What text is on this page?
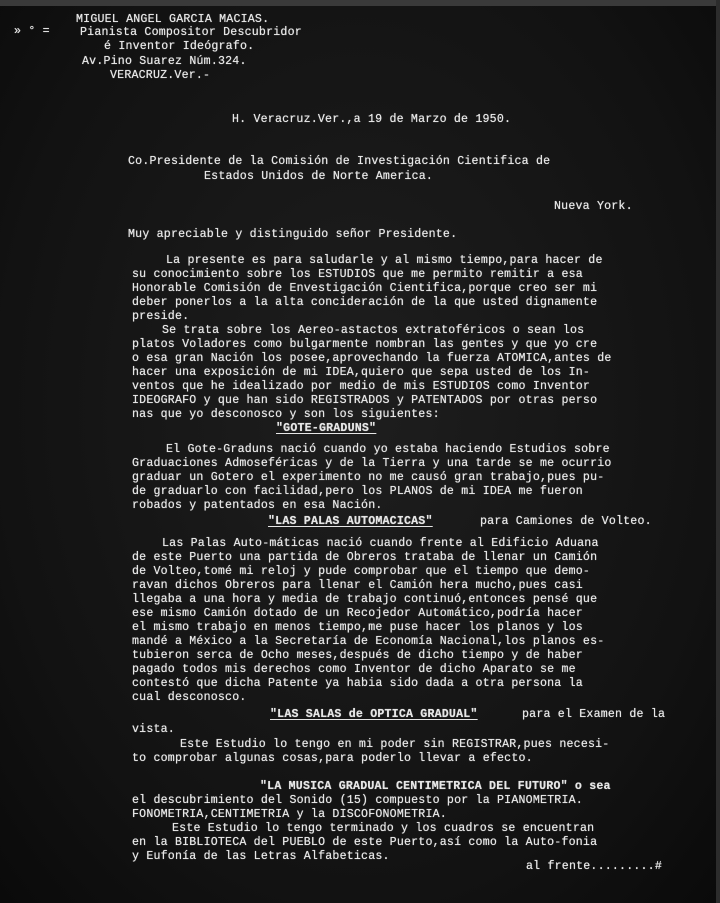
» ° =

MIGUEL ANGEL GARCIA MACIAS.

Pianista Compositor Descubridor

é Inventor Ideógrafo.

Av.Pino Suarez Núm.324.

VERACRUZ.Ver.-

H. Veracruz.Ver.,a 19 de Marzo de 1950.

Co.Presidente de la Comisión de Investigación Cientifica de

Estados Unidos de Norte America.

Nueva York.

Muy apreciable y distinguido señor Presidente.

La presente es para saludarle y al mismo tiempo,para hacer de

su conocimiento sobre los ESTUDIOS que me permito remitir a esa

Honorable Comisión de Envestigación Cientifica,porque creo ser mi

deber ponerlos a la alta concideración de la que usted dignamente

preside.

Se trata sobre los Aereo-astactos extratoféricos o sean los

platos Voladores como bulgarmente nombran las gentes y que yo cre

o esa gran Nación los posee,aprovechando la fuerza ATOMICA,antes de

hacer una exposición de mi IDEA,quiero que sepa usted de los In-

ventos que he idealizado por medio de mis ESTUDIOS como Inventor

IDEOGRAFO y que han sido REGISTRADOS y PATENTADOS por otras perso

nas que yo desconosco y son los siguientes:

"GOTE-GRADUNS"

El Gote-Graduns nació cuando yo estaba haciendo Estudios sobre

Graduaciones Admoseféricas y de la Tierra y una tarde se me ocurrio

graduar un Gotero el experimento no me causó gran trabajo,pues pu-

de graduarlo con facilidad,pero los PLANOS de mi IDEA me fueron

robados y patentados en esa Nación.

"LAS PALAS AUTOMACICAS"	para Camiones de Volteo.

Las Palas Auto-máticas nació cuando frente al Edificio Aduana

de este Puerto una partida de Obreros trataba de llenar un Camión

de Volteo,tomé mi reloj y pude comprobar que el tiempo que demo-

ravan dichos Obreros para llenar el Camión hera mucho,pues casi

llegaba a una hora y media de trabajo continuó,entonces pensé que

ese mismo Camión dotado de un Recojedor Automático,podría hacer

el mismo trabajo en menos tiempo,me puse hacer los planos y los

mandé a México a la Secretaría de Economía Nacional,los planos es-

tubieron serca de Ocho meses,después de dicho tiempo y de haber

pagado todos mis derechos como Inventor de dicho Aparato se me

contestó que dicha Patente ya habia sido dada a otra persona la

cual desconosco.

"LAS SALAS de OPTICA GRADUAL"	para el Examen de la

vista.

Este Estudio lo tengo en mi poder sin REGISTRAR,pues necesi-

to comprobar algunas cosas,para poderlo llevar a efecto.

"LA MUSICA GRADUAL CENTIMETRICA DEL FUTURO" o sea

el descubrimiento del Sonido (15) compuesto por la PIANOMETRIA.

FONOMETRIA,CENTIMETRIA y la DISCOFONOMETRIA.

Este Estudio lo tengo terminado y los cuadros se encuentran

en la BIBLIOTECA del PUEBLO de este Puerto,así como la Auto-fonia

y Eufonía de las Letras Alfabeticas.

al frente.........#
